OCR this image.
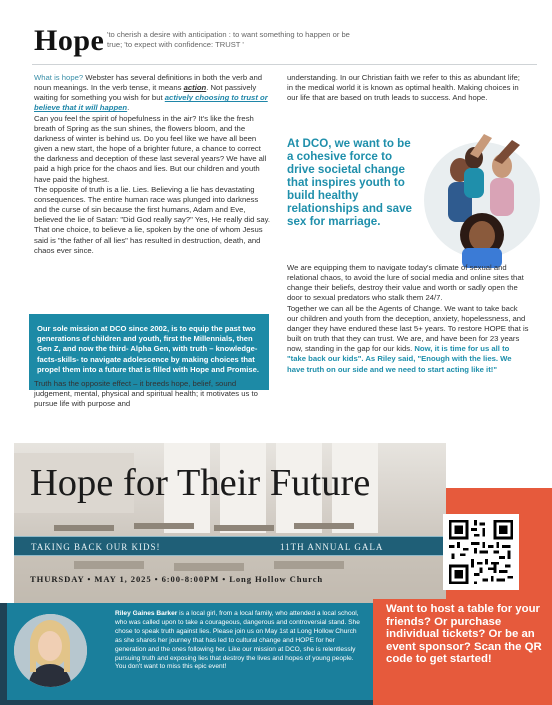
Hope 'to cherish a desire with anticipation : to want something to happen or be true; 'to expect with confidence: TRUST '

What is hope? Webster has several definitions in both the verb and noun meanings. In the verb tense, it means action. Not passively waiting for something you wish for but actively choosing to trust or believe that it will happen.

Can you feel the spirit of hopefulness in the air? It's like the fresh breath of Spring as the sun shines, the flowers bloom, and the darkness of winter is behind us. Do you feel like we have all been given a new start, the hope of a brighter future, a chance to correct the darkness and deception of these last several years? We have all paid a high price for the chaos and lies. But our children and youth have paid the highest.

The opposite of truth is a lie. Lies. Believing a lie has devastating consequences. The entire human race was plunged into darkness and the curse of sin because the first humans, Adam and Eve, believed the lie of Satan: "Did God really say?" Yes, He really did say. That one choice, to believe a lie, spoken by the one of whom Jesus said is "the father of all lies" has resulted in destruction, death, and chaos ever since.

Our sole mission at DCO since 2002, is to equip the past two generations of children and youth, first the Millennials, then Gen Z, and now the third- Alpha Gen, with truth – knowledge-facts-skills- to navigate adolescence by making choices that propel them into a future that is filled with Hope and Promise.
Truth has the opposite effect – it breeds hope, belief, sound judgement, mental, physical and spiritual health; it motivates us to pursue life with purpose and
understanding. In our Christian faith we refer to this as abundant life; in the medical world it is known as optimal health. Making choices in our life that are based on truth leads to success. And hope.
At DCO, we want to be a cohesive force to drive societal change that inspires youth to build healthy relationships and save sex for marriage.

We are equipping them to navigate today's climate of sexual and relational chaos, to avoid the lure of social media and online sites that change their beliefs, destroy their value and worth or sadly open the door to sexual predators who stalk them 24/7.

Together we can all be the Agents of Change. We want to take back our children and youth from the deception, anxiety, hopelessness, and danger they have endured these last 5+ years. To restore HOPE that is built on truth that they can trust. We are, and have been for 23 years now, standing in the gap for our kids. Now, it is time for us all to "take back our kids". As Riley said, "Enough with the lies. We have truth on our side and we need to start acting like it!"

Hope for Their Future
TAKING BACK OUR KIDS!	11TH ANNUAL GALA
THURSDAY • MAY 1, 2025 • 6:00-8:00PM • Long Hollow Church
Riley Gaines Barker is a local girl, from a local family, who attended a local school, who was called upon to take a courageous, dangerous and controversial stand. She chose to speak truth against lies. Please join us on May 1st at Long Hollow Church as she shares her journey that has led to cultural change and HOPE for her generation and the ones following her. Like our mission at DCO, she is relentlessly pursuing truth and exposing lies that destroy the lives and hopes of young people. You don't want to miss this epic event!
Want to host a table for your friends? Or purchase individual tickets? Or be an event sponsor? Scan the QR code to get started!
